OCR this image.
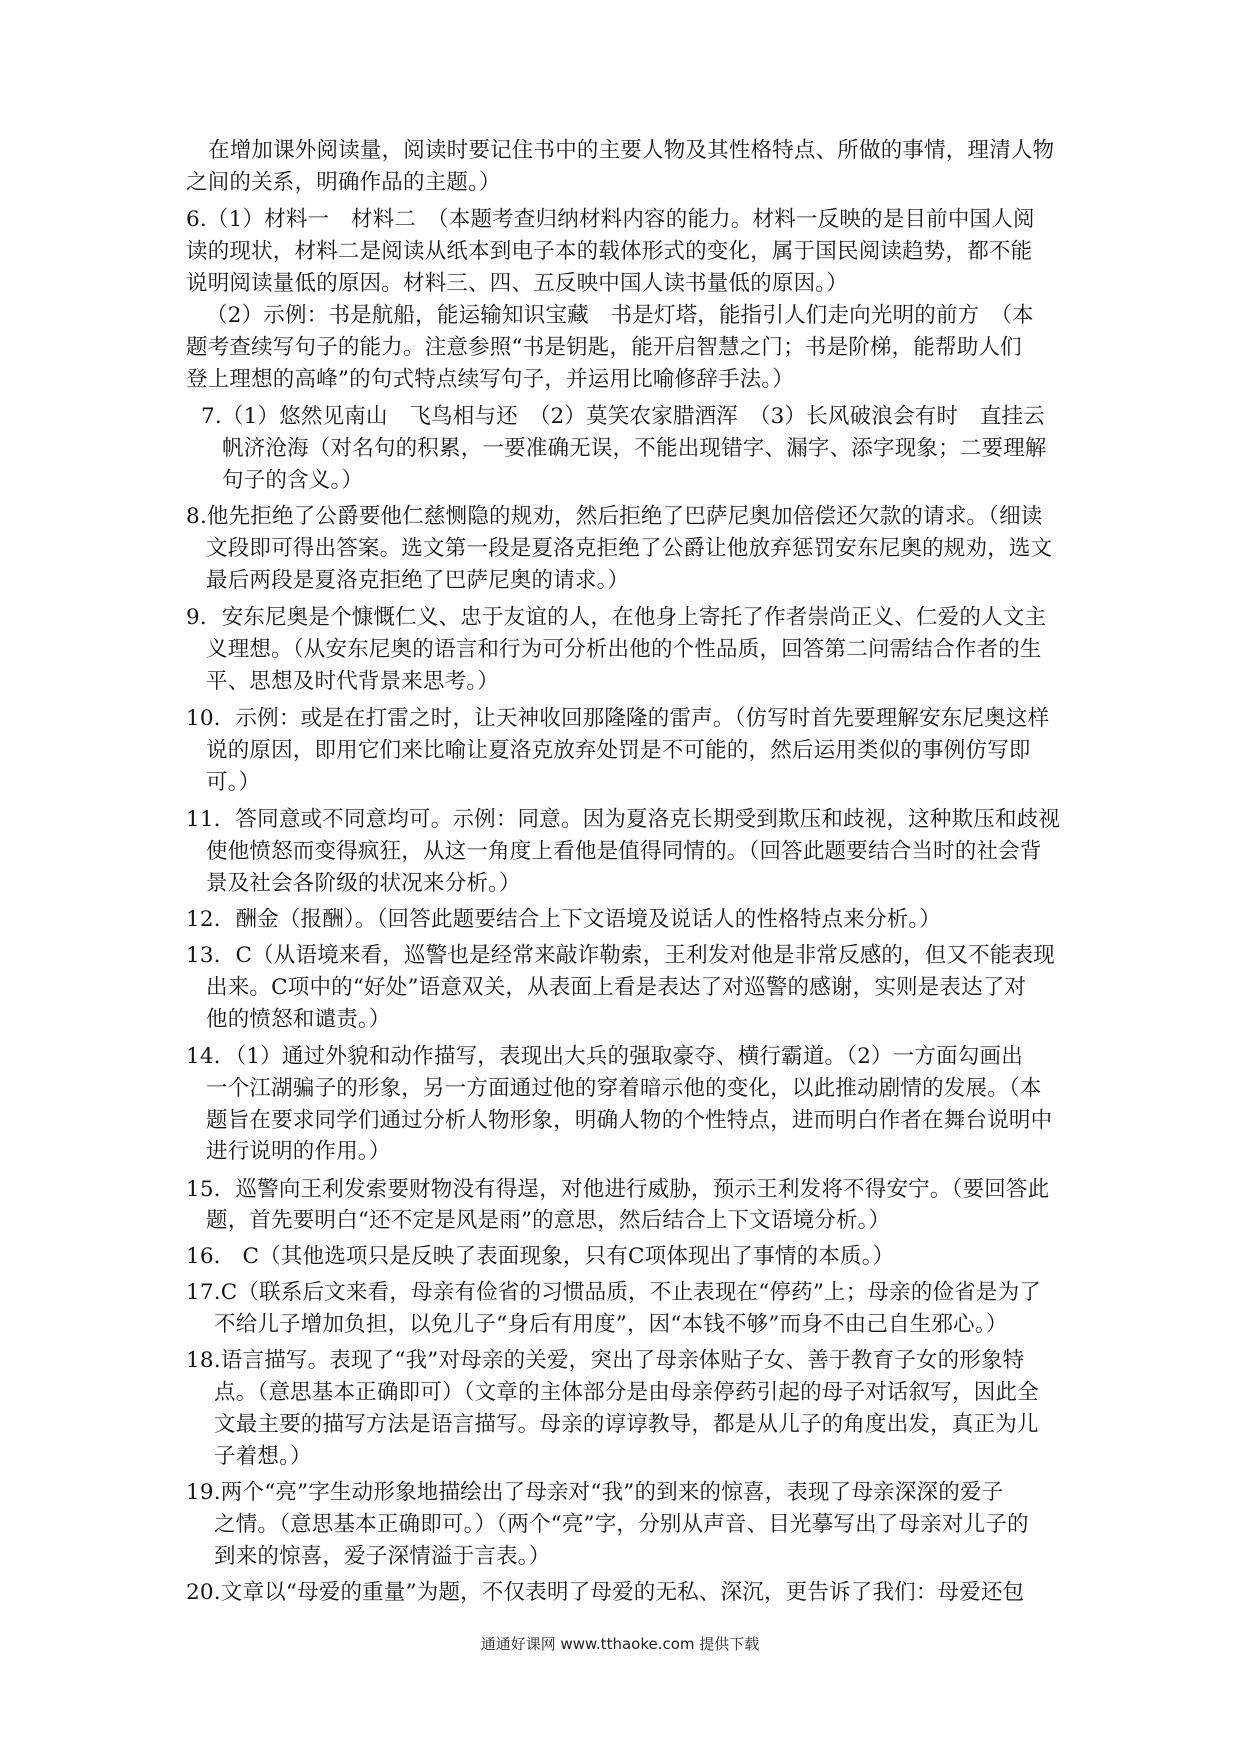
在增加课外阅读量，阅读时要记住书中的主要人物及其性格特点、所做的事情，理清人物
之间的关系，明确作品的主题。）
6.（1）材料一　材料二　（本题考查归纳材料内容的能力。材料一反映的是目前中国人阅
读的现状，材料二是阅读从纸本到电子本的载体形式的变化，属于国民阅读趋势，都不能
说明阅读量低的原因。材料三、四、五反映中国人读书量低的原因。）
（2）示例：书是航船，能运输知识宝藏　书是灯塔，能指引人们走向光明的前方　（本
题考查续写句子的能力。注意参照“书是钥匙，能开启智慧之门；书是阶梯，能帮助人们
登上理想的高峰”的句式特点续写句子，并运用比喻修辞手法。）
7.（1）悠然见南山　飞鸟相与还　（2）莫笑农家腊酒浑　（3）长风破浪会有时　直挂云
帆济沧海（对名句的积累，一要准确无误，不能出现错字、漏字、添字现象；二要理解
句子的含义。）
8.他先拒绝了公爵要他仁慈恻隐的规劝，然后拒绝了巴萨尼奥加倍偿还欠款的请求。（细读
文段即可得出答案。选文第一段是夏洛克拒绝了公爵让他放弃惩罚安东尼奥的规劝，选文
最后两段是夏洛克拒绝了巴萨尼奥的请求。）
9．安东尼奥是个慷慨仁义、忠于友谊的人，在他身上寄托了作者崇尚正义、仁爱的人文主
义理想。（从安东尼奥的语言和行为可分析出他的个性品质，回答第二问需结合作者的生
平、思想及时代背景来思考。）
10．示例：或是在打雷之时，让天神收回那隆隆的雷声。（仿写时首先要理解安东尼奥这样
说的原因，即用它们来比喻让夏洛克放弃处罚是不可能的，然后运用类似的事例仿写即
可。）
11．答同意或不同意均可。示例：同意。因为夏洛克长期受到欺压和歧视，这种欺压和歧视
使他愤怒而变得疯狂，从这一角度上看他是值得同情的。（回答此题要结合当时的社会背
景及社会各阶级的状况来分析。）
12．酬金（报酬）。（回答此题要结合上下文语境及说话人的性格特点来分析。）
13．C（从语境来看，巡警也是经常来敲诈勒索，王利发对他是非常反感的，但又不能表现
出来。C项中的“好处”语意双关，从表面上看是表达了对巡警的感谢，实则是表达了对
他的愤怒和谴责。）
14．（1）通过外貌和动作描写，表现出大兵的强取豪夺、横行霸道。（2）一方面勾画出
一个江湖骗子的形象，另一方面通过他的穿着暗示他的变化，以此推动剧情的发展。（本
题旨在要求同学们通过分析人物形象，明确人物的个性特点，进而明白作者在舞台说明中
进行说明的作用。）
15．巡警向王利发索要财物没有得逞，对他进行威胁，预示王利发将不得安宁。（要回答此
题，首先要明白“还不定是风是雨”的意思，然后结合上下文语境分析。）
16． C（其他选项只是反映了表面现象，只有C项体现出了事情的本质。）
17.C（联系后文来看，母亲有俭省的习惯品质，不止表现在“停药”上；母亲的俭省是为了
不给儿子增加负担，以免儿子“身后有用度”，因“本钱不够”而身不由己自生邪心。）
18.语言描写。表现了“我”对母亲的关爱，突出了母亲体贴子女、善于教育子女的形象特
点。（意思基本正确即可）（文章的主体部分是由母亲停药引起的母子对话叙写，因此全
文最主要的描写方法是语言描写。母亲的谆谆教导，都是从儿子的角度出发，真正为儿
子着想。）
19.两个“亮”字生动形象地描绘出了母亲对“我”的到来的惊喜，表现了母亲深深的爱子
之情。（意思基本正确即可。）（两个“亮”字，分别从声音、目光摹写出了母亲对儿子的
到来的惊喜，爱子深情溢于言表。）
20.文章以“母爱的重量”为题，不仅表明了母爱的无私、深沉，更告诉了我们：母爱还包
通通好课网 www.tthaoke.com 提供下载
